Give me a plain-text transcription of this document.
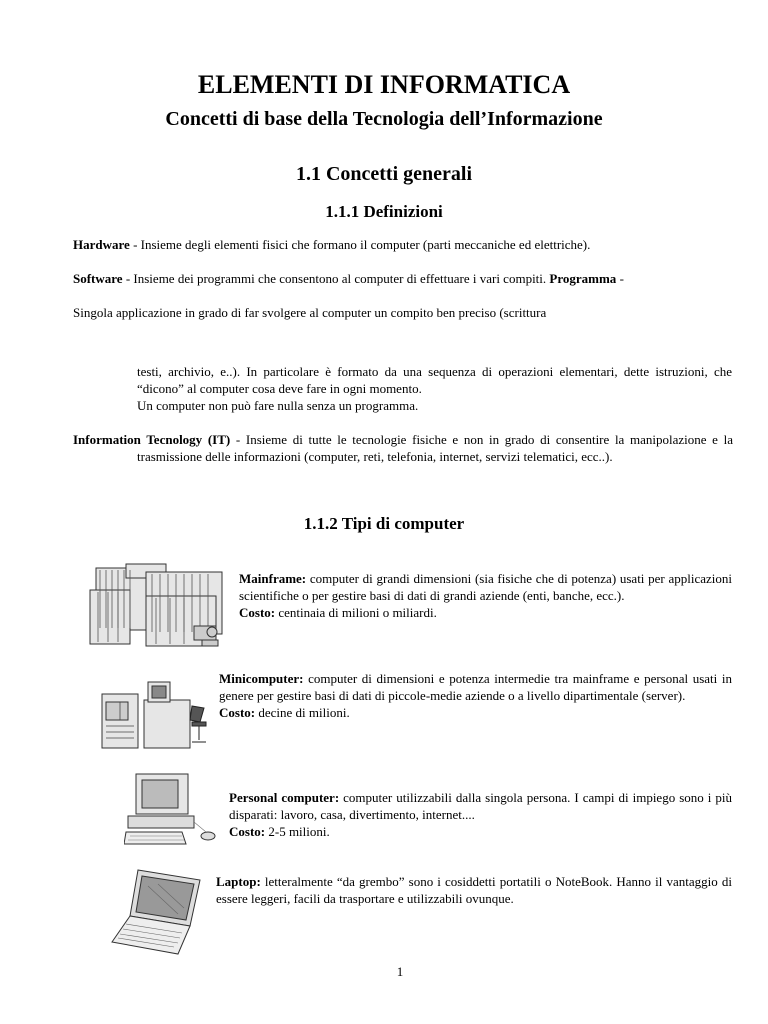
ELEMENTI DI INFORMATICA
Concetti di base della Tecnologia dell’Informazione
1.1 Concetti generali
1.1.1 Definizioni
Hardware - Insieme degli elementi fisici che formano il computer (parti meccaniche ed elettriche).
Software - Insieme dei programmi che consentono al computer di effettuare i vari compiti. Programma -
Singola applicazione in grado di far svolgere al computer un compito ben preciso (scrittura
testi, archivio, e..). In particolare è formato da una sequenza di operazioni elementari, dette istruzioni, che “dicono” al computer cosa deve fare in ogni momento.
Un computer non può fare nulla senza un programma.
Information Tecnology (IT) - Insieme di tutte le tecnologie fisiche e non in grado di consentire la manipolazione e la trasmissione delle informazioni (computer, reti, telefonia, internet, servizi telematici, ecc..).
1.1.2 Tipi di computer
Mainframe: computer di grandi dimensioni (sia fisiche che di potenza) usati per applicazioni scientifiche o per gestire basi di dati di grandi aziende (enti, banche, ecc.).
Costo: centinaia di milioni o miliardi.
Minicomputer: computer di dimensioni e potenza intermedie tra mainframe e personal usati in genere per gestire basi di dati di piccole-medie aziende o a livello dipartimentale (server).
Costo: decine di milioni.
Personal computer: computer utilizzabili dalla singola persona. I campi di impiego sono i più disparati: lavoro, casa, divertimento, internet....
Costo: 2-5 milioni.
Laptop: letteralmente “da grembo” sono i cosiddetti portatili o NoteBook. Hanno il vantaggio di essere leggeri, facili da trasportare e utilizzabili ovunque.
1
